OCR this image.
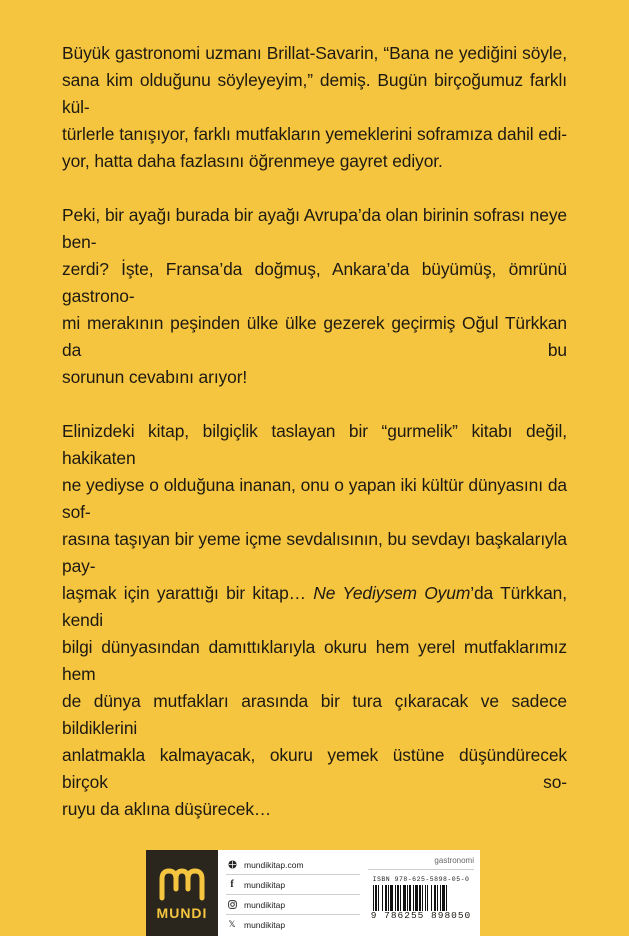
Büyük gastronomi uzmanı Brillat-Savarin, “Bana ne yediğini söyle,
sana kim olduğunu söyleyeyim,” demiş. Bugün birçoğumuz farklı kül-
türlerle tanışıyor, farklı mutfakların yemeklerini soframıza dahil edi-
yor, hatta daha fazlasını öğrenmeye gayret ediyor.

Peki, bir ayağı burada bir ayağı Avrupa’da olan birinin sofrası neye ben-
zerdi? İşte, Fransa’da doğmuş, Ankara’da büyümüş, ömrünü gastrono-
mi merakının peşinden ülke ülke gezerek geçirmiş Oğul Türkkan da bu
sorunun cevabını arıyor!

Elinizdeki kitap, bilgiçlik taslayan bir “gurmelik” kitabı değil, hakikaten
ne yediyse o olduğuna inanan, onu o yapan iki kültür dünyasını da sof-
rasına taşıyan bir yeme içme sevdalısının, bu sevdayı başkalarıyla pay-
laşmak için yarattığı bir kitap… Ne Yediysem Oyum’da Türkkan, kendi
bilgi dünyasından damıttıklarıyla okuru hem yerel mutfaklarımız hem
de dünya mutfakları arasında bir tura çıkaracak ve sadece bildiklerini
anlatmakla kalmayacak, okuru yemek üstüne düşündürecek birçok so-
ruyu da aklına düşürecek…

MUNDI
mundikitap.com
f	mundikitap
mundikitap
𝕏 mundikitap
gastronomi
ISBN 978-625-5898-05-0
9 786255 898050
